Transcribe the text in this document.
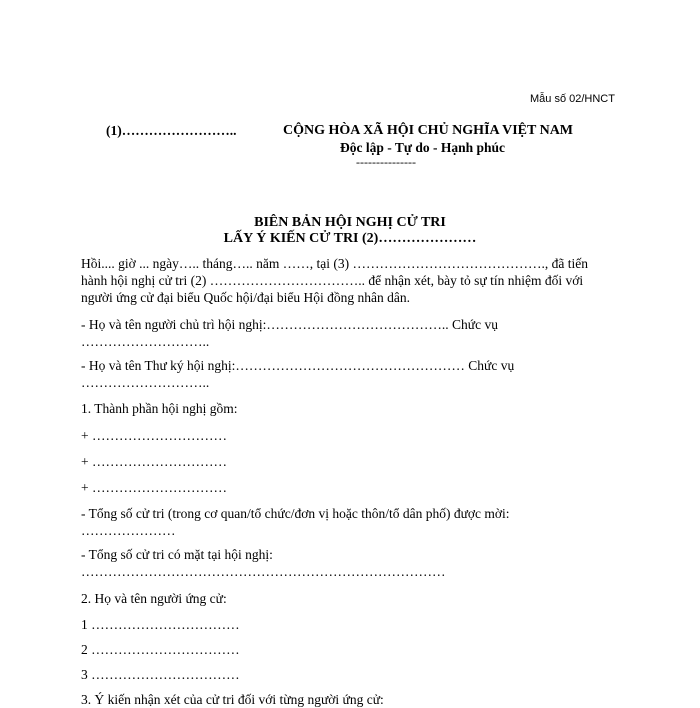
Mẫu số 02/HNCT
(1)……………………..	CỘNG HÒA XÃ HỘI CHỦ NGHĨA VIỆT NAM
Độc lập - Tự do - Hạnh phúc
---------------
BIÊN BẢN HỘI NGHỊ CỬ TRI
LẤY Ý KIẾN CỬ TRI (2)…………………
Hồi.... giờ ... ngày….. tháng….. năm ……, tại (3) ……………………………………., đã tiến
hành hội nghị cử tri (2) …………………………….. để nhận xét, bày tỏ sự tín nhiệm đối với
người ứng cử đại biểu Quốc hội/đại biểu Hội đồng nhân dân.
- Họ và tên người chủ trì hội nghị:………………………………….. Chức vụ
………………………..
- Họ và tên Thư ký hội nghị:…………………………………………… Chức vụ
………………………..
1. Thành phần hội nghị gồm:
+ …………………………
+ …………………………
+ …………………………
- Tổng số cử tri (trong cơ quan/tổ chức/đơn vị hoặc thôn/tổ dân phố) được mời:
…………………
- Tổng số cử tri có mặt tại hội nghị:
………………………………………………………………………
2. Họ và tên người ứng cử:
1 ……………………………
2 ……………………………
3 ……………………………
3. Ý kiến nhận xét của cử tri đối với từng người ứng cử:
